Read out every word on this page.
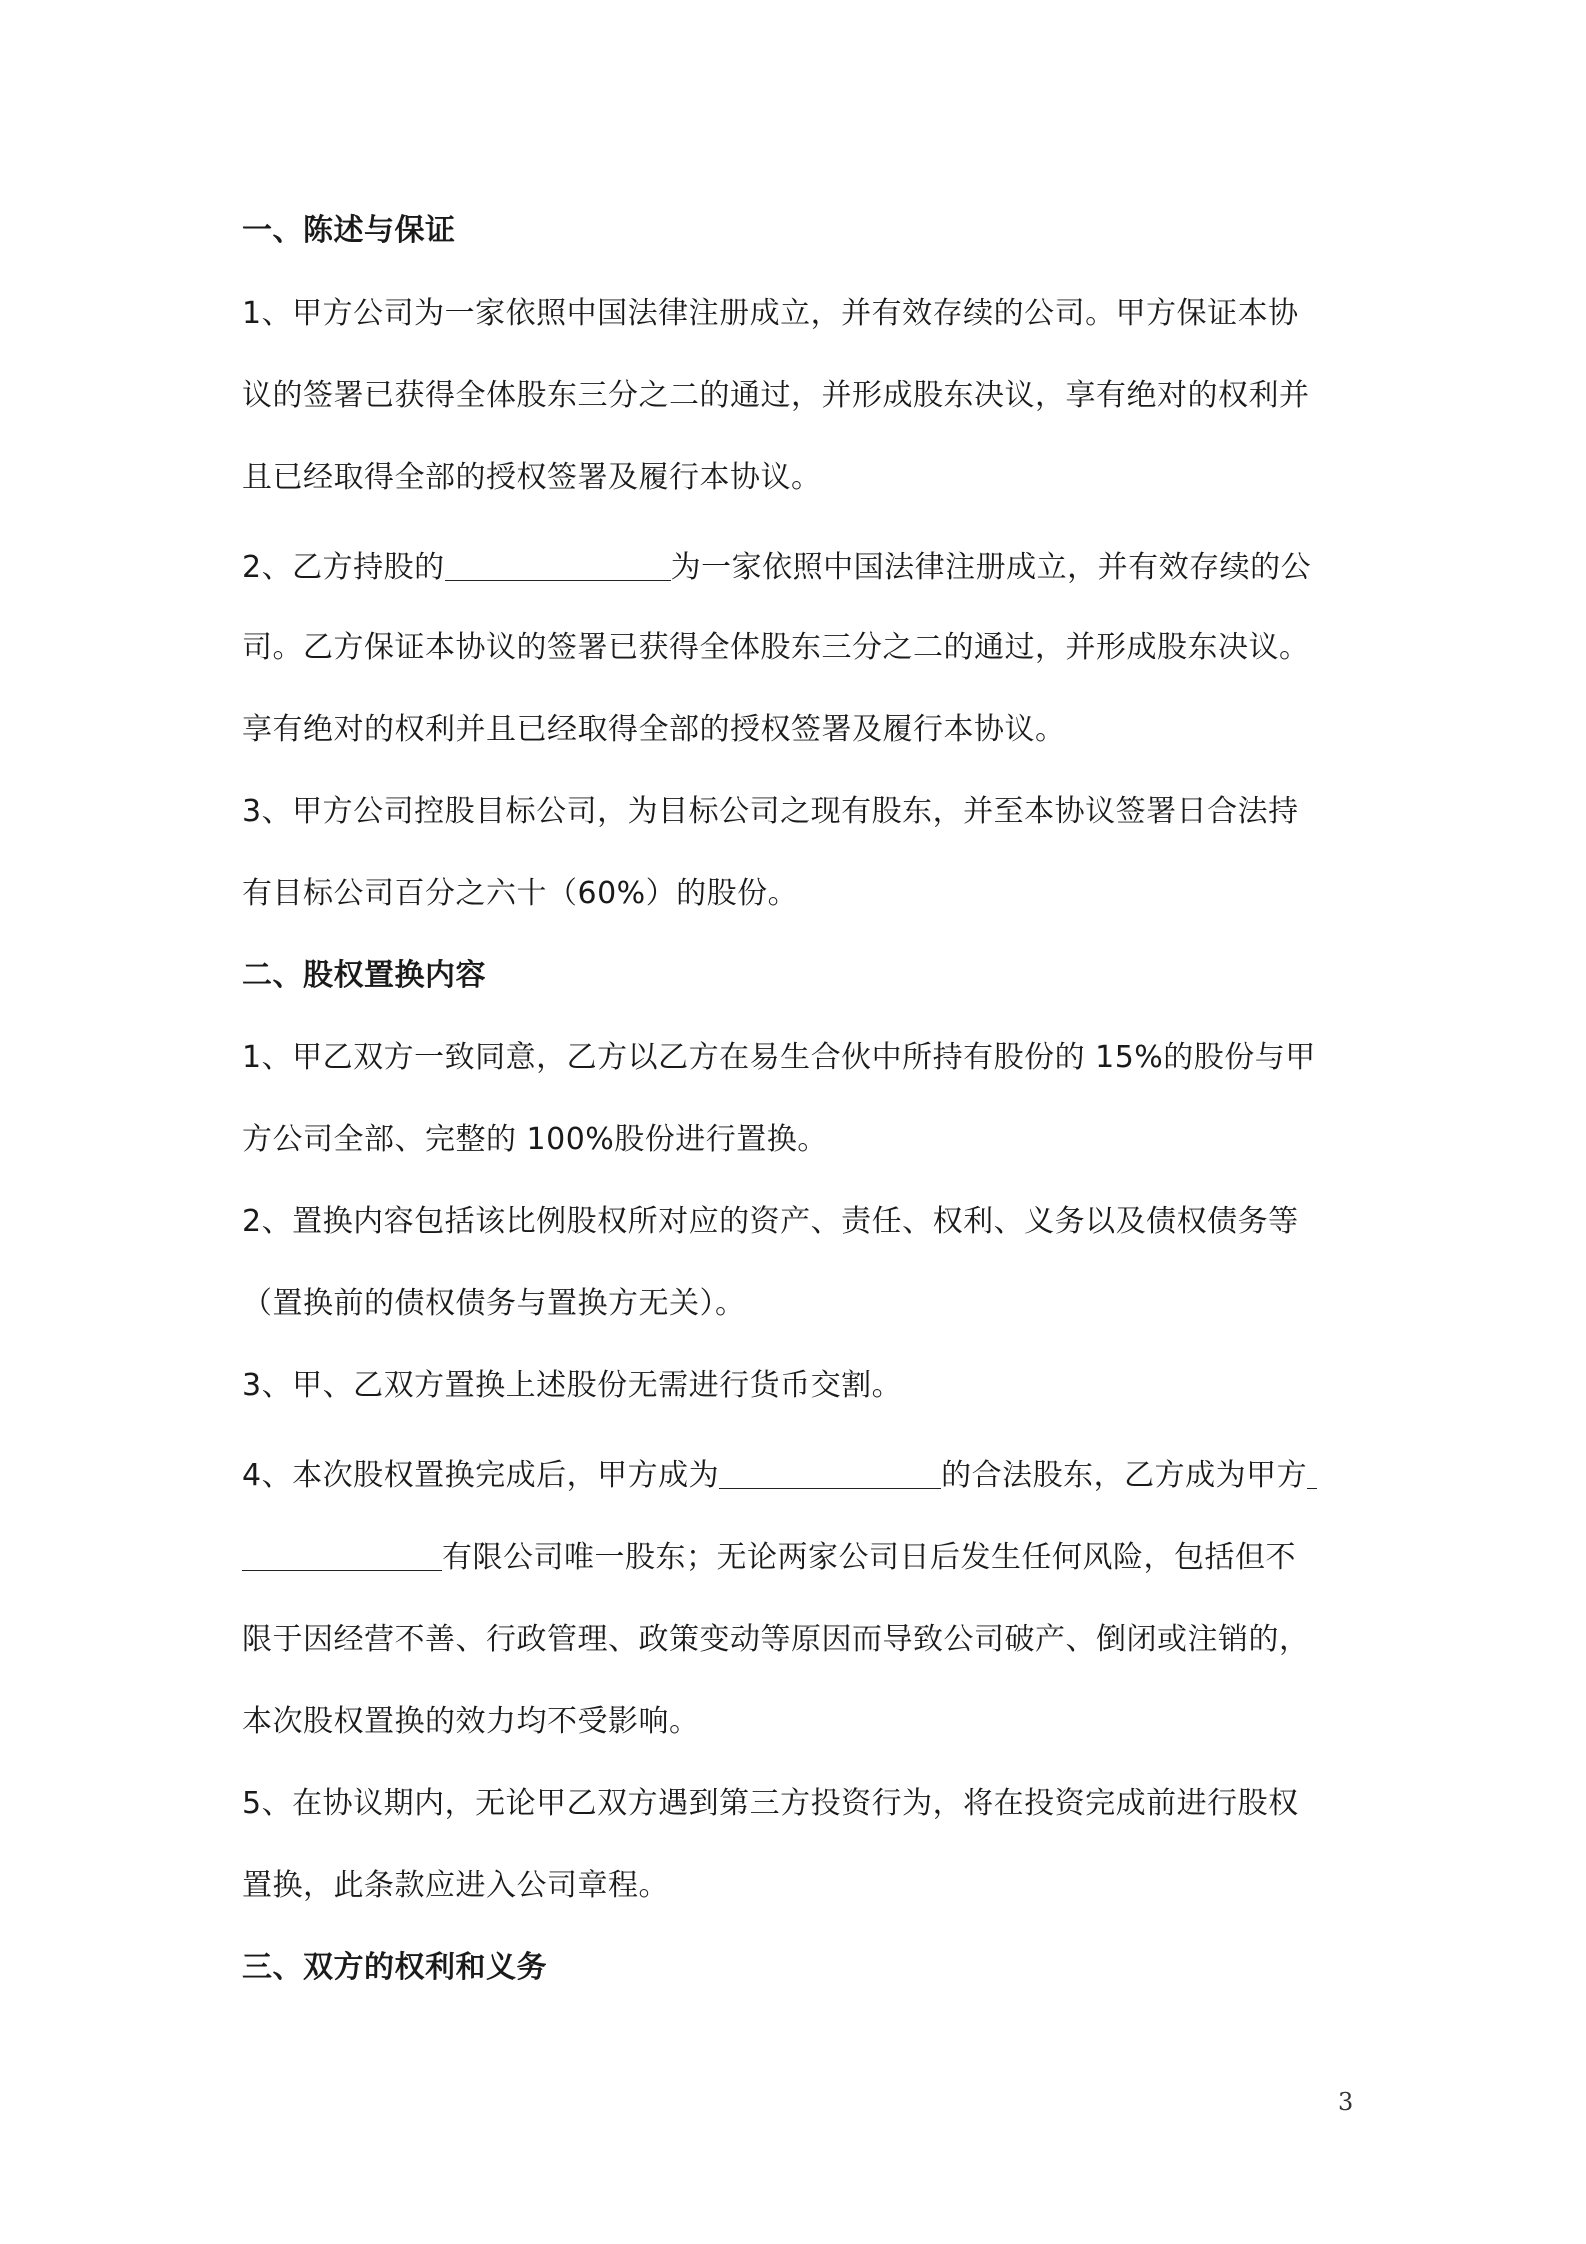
一、陈述与保证
1、甲方公司为一家依照中国法律注册成立，并有效存续的公司。甲方保证本协
议的签署已获得全体股东三分之二的通过，并形成股东决议，享有绝对的权利并
且已经取得全部的授权签署及履行本协议。
2、乙方持股的	为一家依照中国法律注册成立，并有效存续的公
司。乙方保证本协议的签署已获得全体股东三分之二的通过，并形成股东决议。
享有绝对的权利并且已经取得全部的授权签署及履行本协议。
3、甲方公司控股目标公司，为目标公司之现有股东，并至本协议签署日合法持
有目标公司百分之六十（60%）的股份。
二、股权置换内容
1、甲乙双方一致同意，乙方以乙方在易生合伙中所持有股份的 15%的股份与甲
方公司全部、完整的 100%股份进行置换。
2、置换内容包括该比例股权所对应的资产、责任、权利、义务以及债权债务等
（置换前的债权债务与置换方无关）。
3、甲、乙双方置换上述股份无需进行货币交割。
4、本次股权置换完成后，甲方成为	的合法股东，乙方成为甲方
有限公司唯一股东；无论两家公司日后发生任何风险，包括但不
限于因经营不善、行政管理、政策变动等原因而导致公司破产、倒闭或注销的，
本次股权置换的效力均不受影响。
5、在协议期内，无论甲乙双方遇到第三方投资行为，将在投资完成前进行股权
置换，此条款应进入公司章程。
三、双方的权利和义务
3
